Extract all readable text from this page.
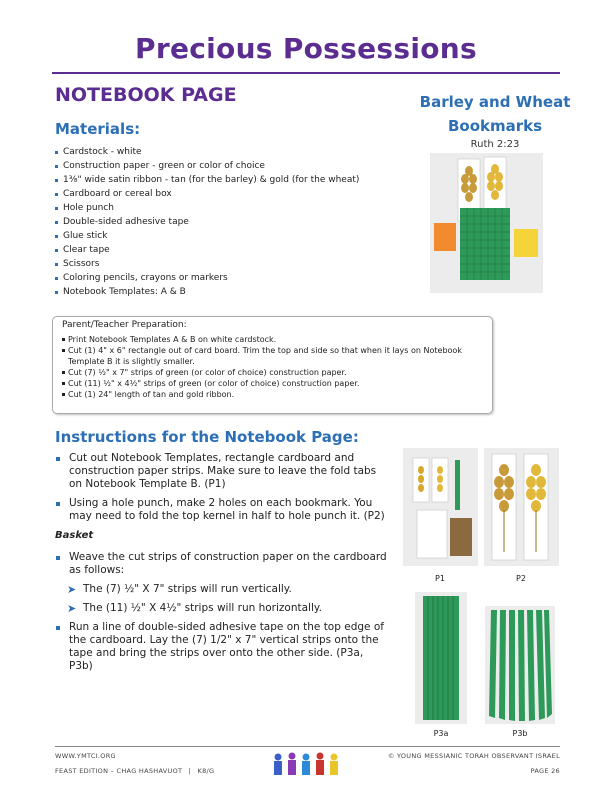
Precious Possessions
NOTEBOOK PAGE
Materials:
Cardstock - white
Construction paper - green or color of choice
1⅜" wide satin ribbon - tan (for the barley) & gold (for the wheat)
Cardboard or cereal box
Hole punch
Double-sided adhesive tape
Glue stick
Clear tape
Scissors
Coloring pencils, crayons or markers
Notebook Templates: A & B
Barley and Wheat
Bookmarks
Ruth 2:23
Parent/Teacher Preparation:
Print Notebook Templates A & B on white cardstock.
Cut (1) 4" x 6" rectangle out of card board. Trim the top and side so that when it lays on Notebook Template B it is slightly smaller.
Cut (7) ½" x 7" strips of green (or color of choice) construction paper.
Cut (11) ½" x 4½" strips of green (or color of choice) construction paper.
Cut (1) 24" length of tan and gold ribbon.
Instructions for the Notebook Page:
Cut out Notebook Templates, rectangle cardboard and construction paper strips. Make sure to leave the fold tabs on Notebook Template B. (P1)
Using a hole punch, make 2 holes on each bookmark. You may need to fold the top kernel in half to hole punch it. (P2)
Basket
Weave the cut strips of construction paper on the cardboard as follows:
➤ The (7) ½" X 7" strips will run vertically.
➤ The (11) ½" X 4½" strips will run horizontally.
Run a line of double-sided adhesive tape on the top edge of the cardboard. Lay the (7) 1/2" x 7" vertical strips onto the tape and bring the strips over onto the other side. (P3a, P3b)
P1	P2
P3a	P3b
WWW.YMTCI.ORG
FEAST EDITION – CHAG HASHAVUOT | K8/G
© YOUNG MESSIANIC TORAH OBSERVANT ISRAEL
PAGE 26
